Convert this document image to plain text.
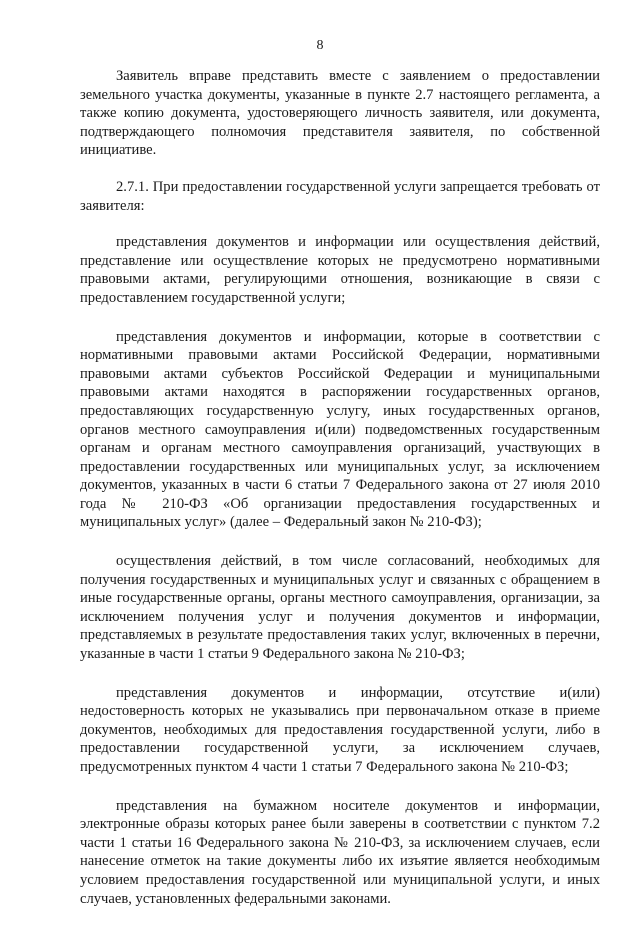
8

Заявитель вправе представить вместе с заявлением о предоставлении земельного участка документы, указанные в пункте 2.7 настоящего регламента, а также копию документа, удостоверяющего личность заявителя, или документа, подтверждающего полномочия представителя заявителя, по собственной инициативе.

2.7.1. При предоставлении государственной услуги запрещается требовать от заявителя:

представления документов и информации или осуществления действий, представление или осуществление которых не предусмотрено нормативными правовыми актами, регулирующими отношения, возникающие в связи с предоставлением государственной услуги;

представления документов и информации, которые в соответствии с нормативными правовыми актами Российской Федерации, нормативными правовыми актами субъектов Российской Федерации и муниципальными правовыми актами находятся в распоряжении государственных органов, предоставляющих государственную услугу, иных государственных органов, органов местного самоуправления и(или) подведомственных государственным органам и органам местного самоуправления организаций, участвующих в предоставлении государственных или муниципальных услуг, за исключением документов, указанных в части 6 статьи 7 Федерального закона от 27 июля 2010 года № 210-ФЗ «Об организации предоставления государственных и муниципальных услуг» (далее – Федеральный закон № 210-ФЗ);

осуществления действий, в том числе согласований, необходимых для получения государственных и муниципальных услуг и связанных с обращением в иные государственные органы, органы местного самоуправления, организации, за исключением получения услуг и получения документов и информации, представляемых в результате предоставления таких услуг, включенных в перечни, указанные в части 1 статьи 9 Федерального закона № 210-ФЗ;

представления документов и информации, отсутствие и(или) недостоверность которых не указывались при первоначальном отказе в приеме документов, необходимых для предоставления государственной услуги, либо в предоставлении государственной услуги, за исключением случаев, предусмотренных пунктом 4 части 1 статьи 7 Федерального закона № 210-ФЗ;

представления на бумажном носителе документов и информации, электронные образы которых ранее были заверены в соответствии с пунктом 7.2 части 1 статьи 16 Федерального закона № 210-ФЗ, за исключением случаев, если нанесение отметок на такие документы либо их изъятие является необходимым условием предоставления государственной или муниципальной услуги, и иных случаев, установленных федеральными законами.
